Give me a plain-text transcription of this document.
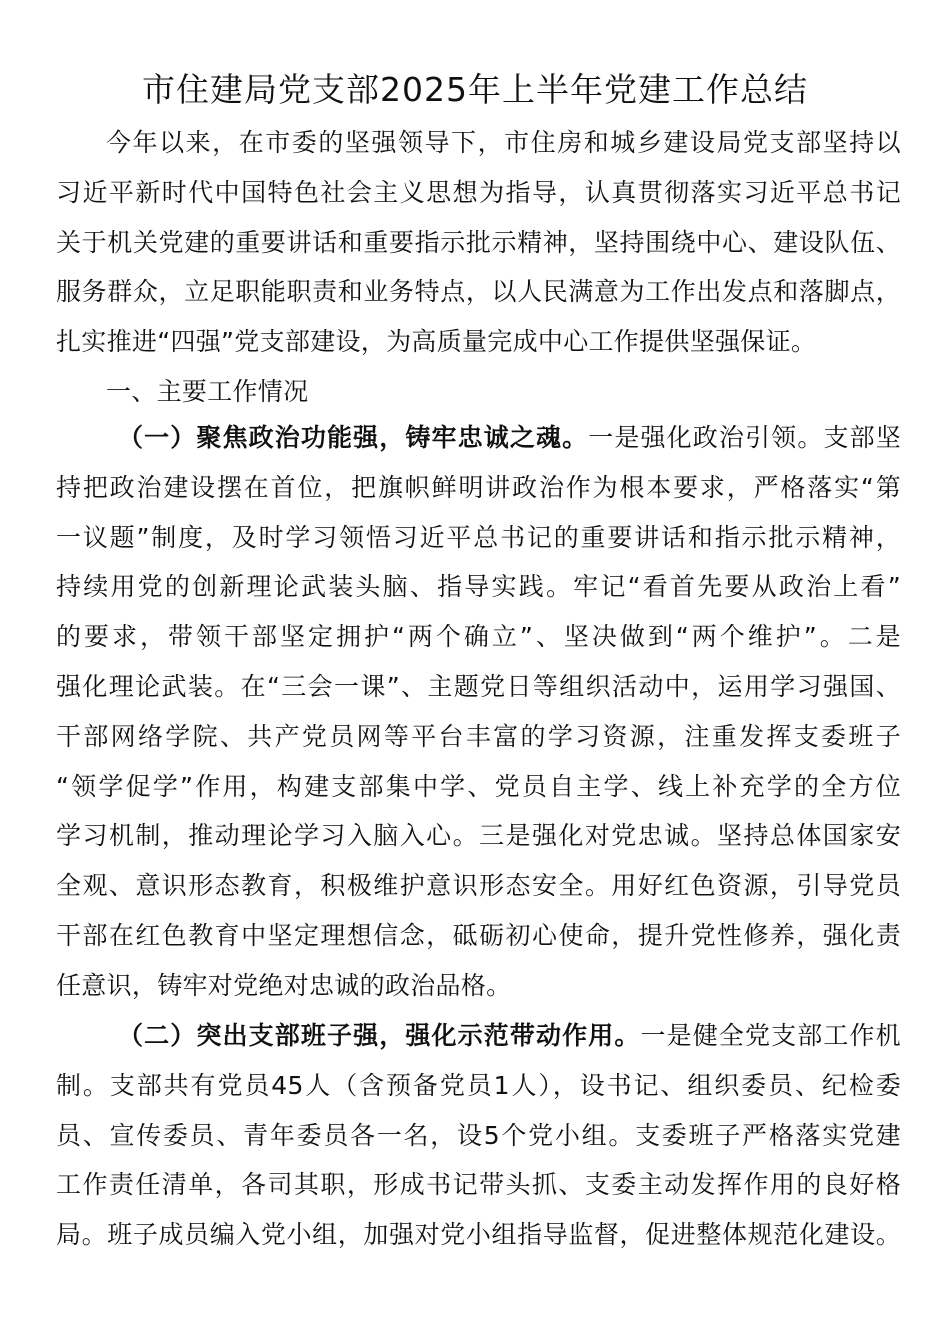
市住建局党支部2025年上半年党建工作总结
今年以来，在市委的坚强领导下，市住房和城乡建设局党支部坚持以
习近平新时代中国特色社会主义思想为指导，认真贯彻落实习近平总书记
关于机关党建的重要讲话和重要指示批示精神，坚持围绕中心、建设队伍、
服务群众，立足职能职责和业务特点，以人民满意为工作出发点和落脚点，
扎实推进“四强”党支部建设，为高质量完成中心工作提供坚强保证。
一、主要工作情况
（一）聚焦政治功能强，铸牢忠诚之魂。一是强化政治引领。支部坚
持把政治建设摆在首位，把旗帜鲜明讲政治作为根本要求，严格落实“第
一议题”制度，及时学习领悟习近平总书记的重要讲话和指示批示精神，
持续用党的创新理论武装头脑、指导实践。牢记“看首先要从政治上看”
的要求，带领干部坚定拥护“两个确立”、坚决做到“两个维护”。二是
强化理论武装。在“三会一课”、主题党日等组织活动中，运用学习强国、
干部网络学院、共产党员网等平台丰富的学习资源，注重发挥支委班子
“领学促学”作用，构建支部集中学、党员自主学、线上补充学的全方位
学习机制，推动理论学习入脑入心。三是强化对党忠诚。坚持总体国家安
全观、意识形态教育，积极维护意识形态安全。用好红色资源，引导党员
干部在红色教育中坚定理想信念，砥砺初心使命，提升党性修养，强化责
任意识，铸牢对党绝对忠诚的政治品格。
（二）突出支部班子强，强化示范带动作用。一是健全党支部工作机
制。支部共有党员45人（含预备党员1人），设书记、组织委员、纪检委
员、宣传委员、青年委员各一名，设5个党小组。支委班子严格落实党建
工作责任清单，各司其职，形成书记带头抓、支委主动发挥作用的良好格
局。班子成员编入党小组，加强对党小组指导监督，促进整体规范化建设。
